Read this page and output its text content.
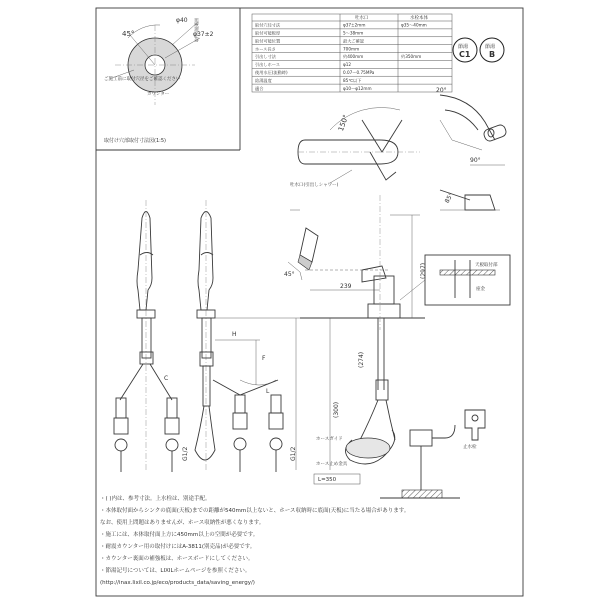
45°
φ40
φ37±2
取付可能範囲
ご施工前に取付穴径をご確認ください
カウンター
取付け穴部取付寸法図(1:5)
取付穴径寸法	φ37±2mm	φ35〜40mm
取付可能板厚	5〜38mm
取付可能位置	最大ご確認
ホース長さ	700mm
引出し寸法	約400mm	約350mm
引出しホース	φ12
使用水圧(流動時)	0.07〜0.75MPa
給湯温度	85℃以下
適合	φ10〜φ12mm
吐水口	水栓本体
節湯
C1
節湯
B
150°
吐水口(引出しシャワー)
20°
90°
85°
H
F
C
L
G1/2	G1/2
(297)
239
45°
(274)
(300)
ホースガイド
ホース止め金具
L=350
止水栓
天板取付部
座金
・( )内は、参考寸法。上水栓は、別途手配。
・本体取付面からシンクの底面(天板)までの距離が540mm以上ないと、ホース収納時に底面(天板)に当たる場合があります。
なお、使用上問題はありませんが、ホース収納性が悪くなります。
・施工には、本体取付面上方に450mm以上の空間が必要です。
・耐震カウンター用の取付けにはA-3811(別売品)が必要です。
・カウンター裏面の補強板は、ホースボードにしてください。
・節湯記号については、LIXILホームページを参照ください。
(http://inax.lixil.co.jp/eco/products_data/saving_energy/)
